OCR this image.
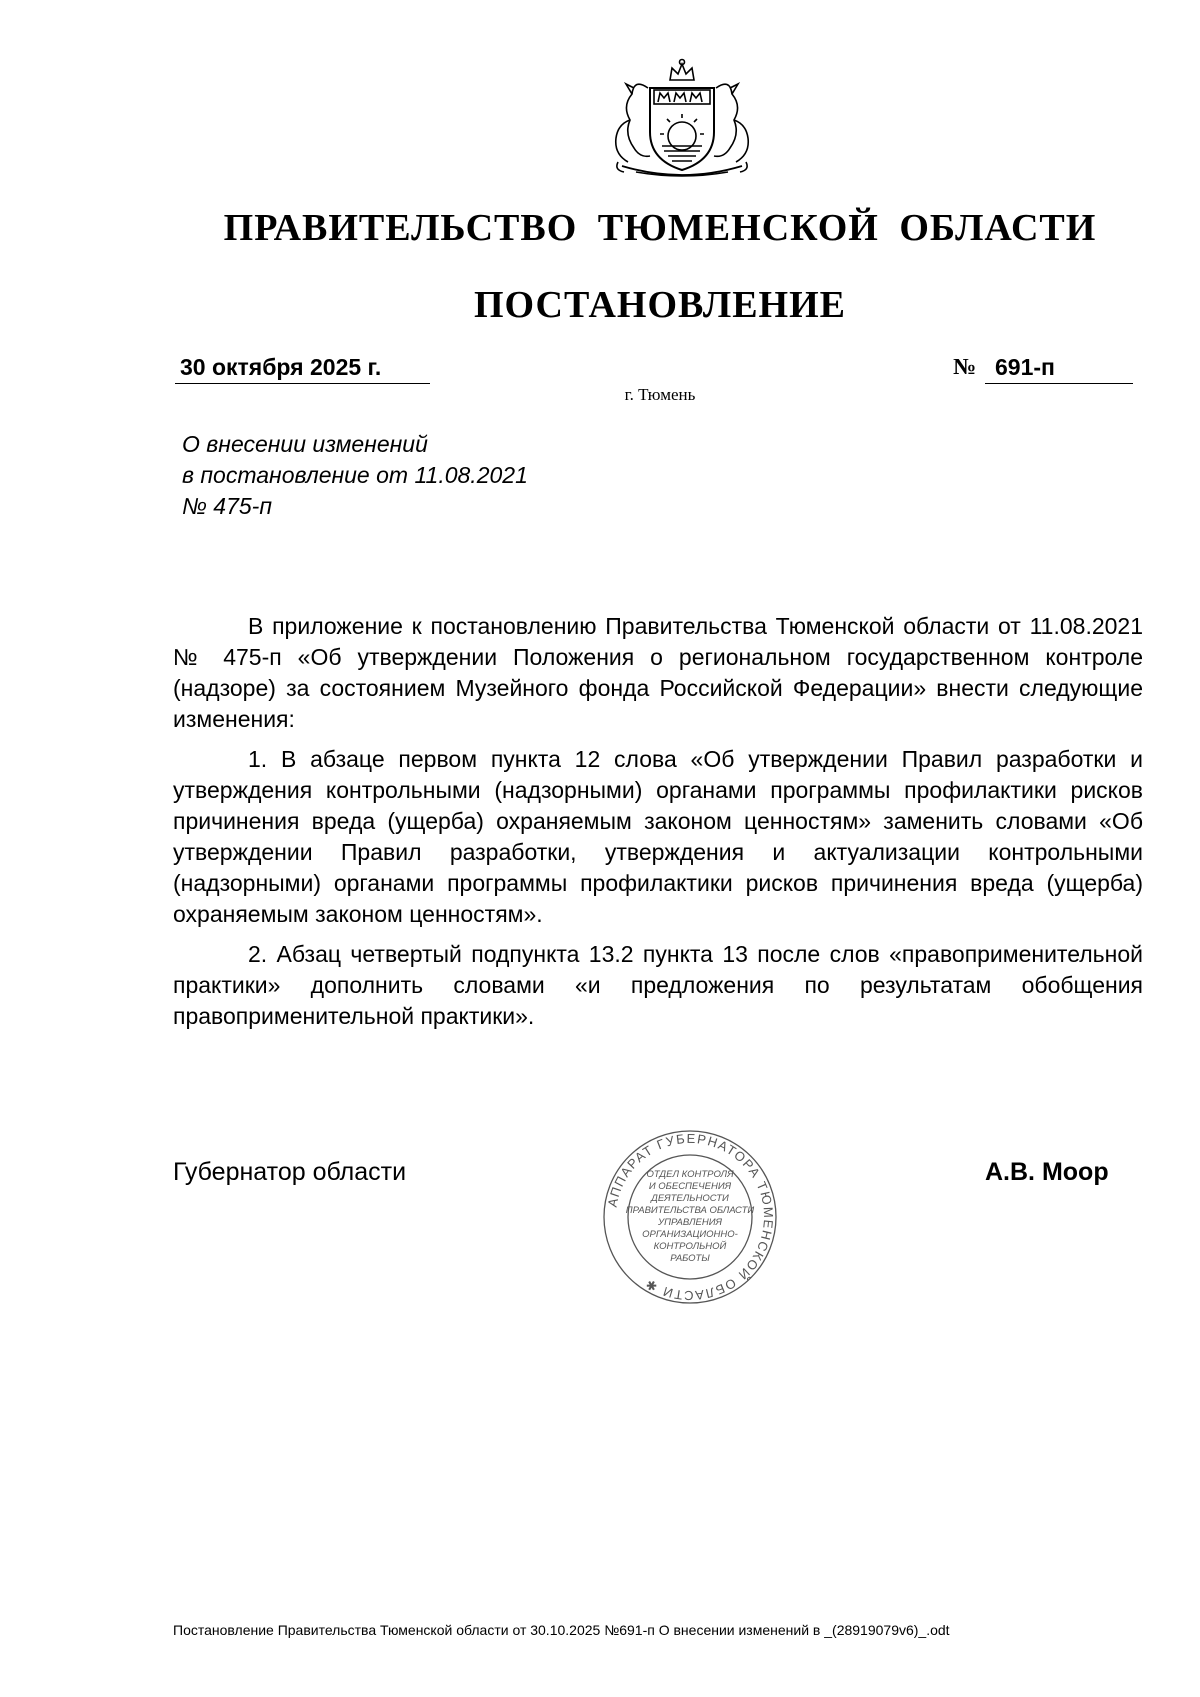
ПРАВИТЕЛЬСТВО ТЮМЕНСКОЙ ОБЛАСТИ
ПОСТАНОВЛЕНИЕ
30 октября 2025 г.	№ 691-п
г. Тюмень
О внесении изменений
в постановление от 11.08.2021
№ 475-п

В приложение к постановлению Правительства Тюменской области от 11.08.2021 № 475-п «Об утверждении Положения о региональном государственном контроле (надзоре) за состоянием Музейного фонда Российской Федерации» внести следующие изменения:

1. В абзаце первом пункта 12 слова «Об утверждении Правил разработки и утверждения контрольными (надзорными) органами программы профилактики рисков причинения вреда (ущерба) охраняемым законом ценностям» заменить словами «Об утверждении Правил разработки, утверждения и актуализации контрольными (надзорными) органами программы профилактики рисков причинения вреда (ущерба) охраняемым законом ценностям».

2. Абзац четвертый подпункта 13.2 пункта 13 после слов «правоприменительной практики» дополнить словами «и предложения по результатам обобщения правоприменительной практики».

Губернатор области
АППАРАТ ГУБЕРНАТОРА ТЮМЕНСКОЙ ОБЛАСТИ ✱
ОТДЕЛ КОНТРОЛЯ
И ОБЕСПЕЧЕНИЯ
ДЕЯТЕЛЬНОСТИ
ПРАВИТЕЛЬСТВА ОБЛАСТИ
УПРАВЛЕНИЯ
ОРГАНИЗАЦИОННО-
КОНТРОЛЬНОЙ
РАБОТЫ
А.В. Моор
Постановление Правительства Тюменской области от 30.10.2025 №691-п О внесении изменений в _(28919079v6)_.odt
